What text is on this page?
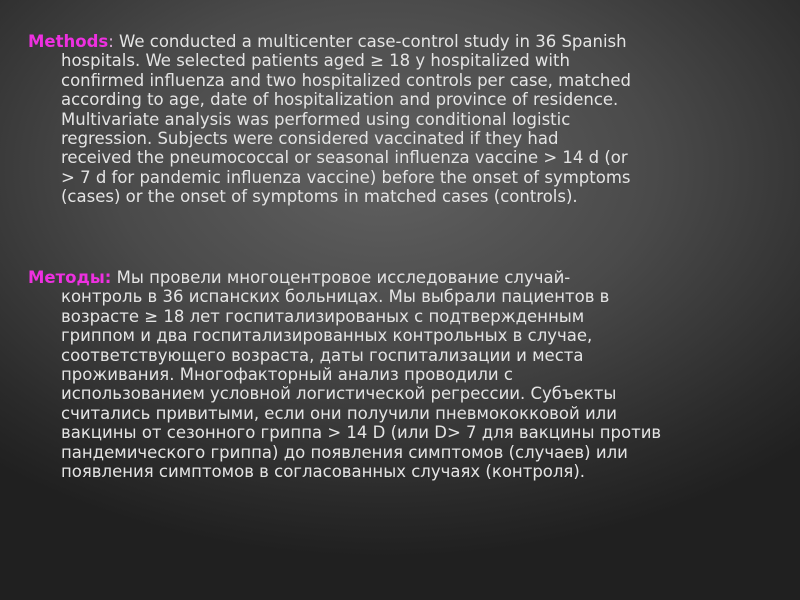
Methods: We conducted a multicenter case-control study in 36 Spanish
hospitals. We selected patients aged ≥ 18 y hospitalized with
confirmed influenza and two hospitalized controls per case, matched
according to age, date of hospitalization and province of residence.
Multivariate analysis was performed using conditional logistic
regression. Subjects were considered vaccinated if they had
received the pneumococcal or seasonal influenza vaccine > 14 d (or
> 7 d for pandemic influenza vaccine) before the onset of symptoms
(cases) or the onset of symptoms in matched cases (controls).
Методы: Мы провели многоцентровое исследование случай-
контроль в 36 испанских больницах. Мы выбрали пациентов в
возрасте ≥ 18 лет госпитализированых с подтвержденным
гриппом и два госпитализированных контрольных в случае,
соответствующего возраста, даты госпитализации и места
проживания. Многофакторный анализ проводили с
использованием условной логистической регрессии. Субъекты
считались привитыми, если они получили пневмококковой или
вакцины от сезонного гриппа > 14 D (или D> 7 для вакцины против
пандемического гриппа) до появления симптомов (случаев) или
появления симптомов в согласованных случаях (контроля).
